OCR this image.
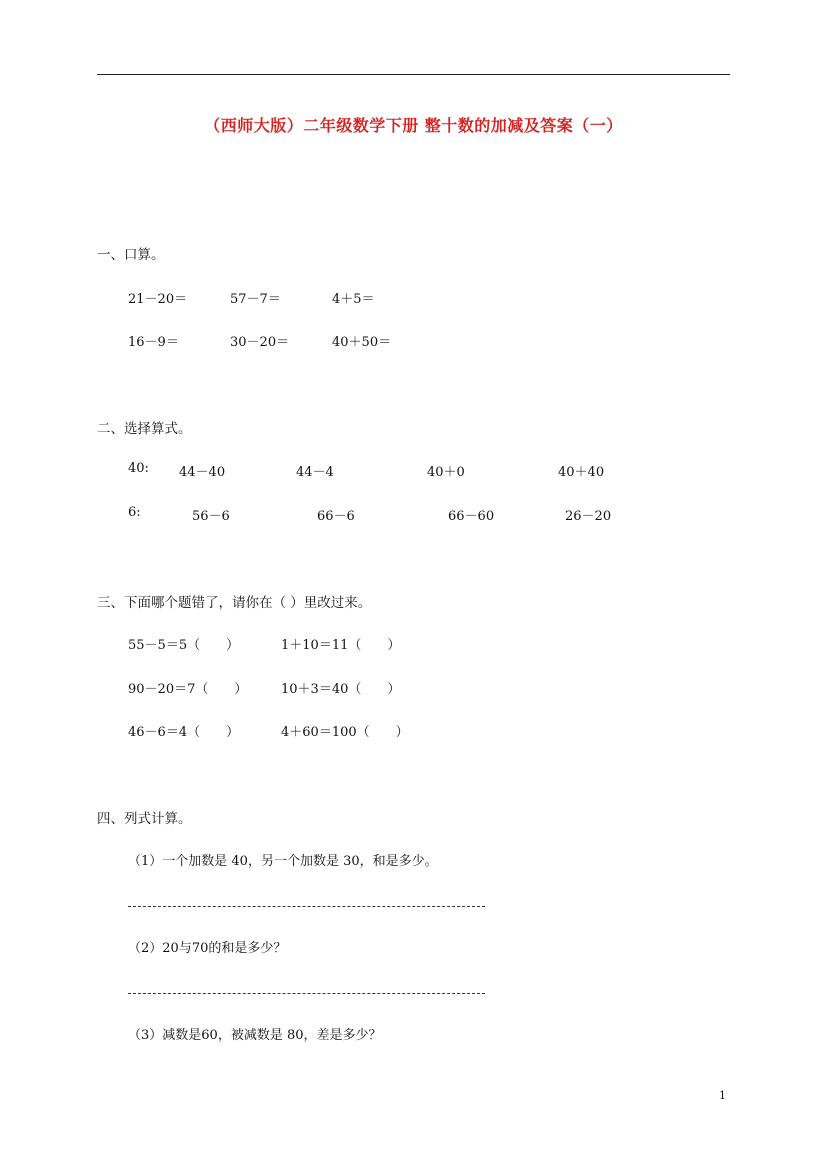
（西师大版）二年级数学下册 整十数的加减及答案（一）
一、口算。
21－20＝	57－7＝	4＋5＝
16－9＝	30－20＝	40＋50＝
二、选择算式。
40: 44－40	44－4	40＋0	40＋40
6:	56－6	66－6	66－60	26－20
三、下面哪个题错了，请你在（ ）里改过来。
55－5＝5（　　）	1＋10＝11（　　）
90－20＝7（　　）	10＋3＝40（　　）
46－6＝4（　　）	4＋60＝100（　　）
四、列式计算。
（1）一个加数是 40，另一个加数是 30，和是多少。
（2）20与70的和是多少？
（3）减数是60，被减数是 80，差是多少？
1
